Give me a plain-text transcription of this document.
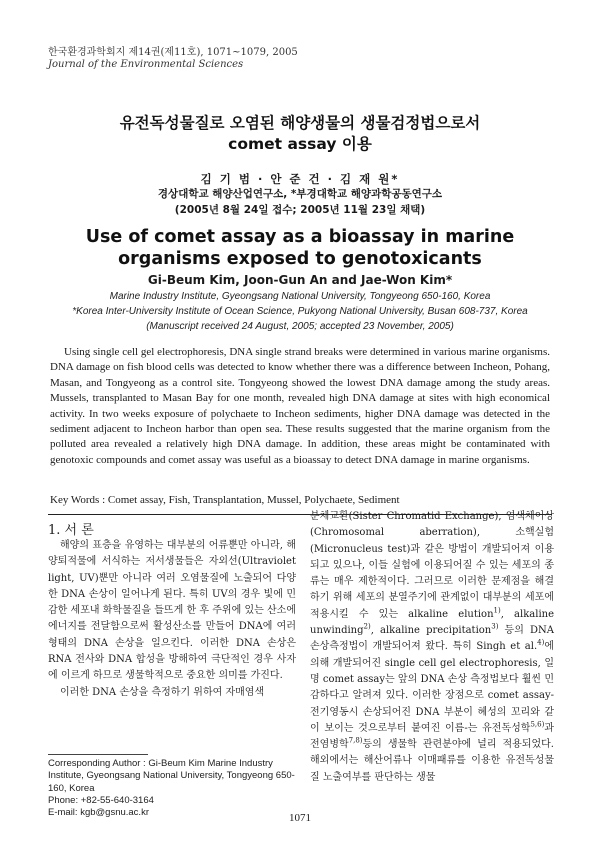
한국환경과학회지 제14권(제11호), 1071~1079, 2005
Journal of the Environmental Sciences
유전독성물질로 오염된 해양생물의 생물검정법으로서
comet assay 이용
김 기 범 · 안 준 건 · 김 재 원*
경상대학교 해양산업연구소, *부경대학교 해양과학공동연구소
(2005년 8월 24일 접수; 2005년 11월 23일 채택)
Use of comet assay as a bioassay in marine
organisms exposed to genotoxicants
Gi-Beum Kim, Joon-Gun An and Jae-Won Kim*
Marine Industry Institute, Gyeongsang National University, Tongyeong 650-160, Korea
*Korea Inter-University Institute of Ocean Science, Pukyong National University, Busan 608-737, Korea
(Manuscript received 24 August, 2005; accepted 23 November, 2005)
Using single cell gel electrophoresis, DNA single strand breaks were determined in various marine organisms. DNA damage on fish blood cells was detected to know whether there was a difference between Incheon, Pohang, Masan, and Tongyeong as a control site. Tongyeong showed the lowest DNA damage among the study areas. Mussels, transplanted to Masan Bay for one month, revealed high DNA damage at sites with high economical activity. In two weeks exposure of polychaete to Incheon sediments, higher DNA damage was detected in the sediment adjacent to Incheon harbor than open sea. These results suggested that the marine organism from the polluted area revealed a relatively high DNA damage. In addition, these areas might be contaminated with genotoxic compounds and comet assay was useful as a bioassay to detect DNA damage in marine organisms.
Key Words : Comet assay, Fish, Transplantation, Mussel, Polychaete, Sediment
1. 서 론

해양의 표층을 유영하는 대부분의 어류뿐만 아니라, 해양퇴적물에 서식하는 저서생물들은 자외선(Ultraviolet light, UV)뿐만 아니라 여러 오염물질에 노출되어 다양한 DNA 손상이 일어나게 된다. 특히 UV의 경우 빛에 민감한 세포내 화학물질을 들뜨게 한 후 주위에 있는 산소에 에너지를 전달함으로써 활성산소를 만들어 DNA에 여러 형태의 DNA 손상을 일으킨다. 이러한 DNA 손상은 RNA 전사와 DNA 합성을 방해하여 극단적인 경우 사자에 이르게 하므로 생물학적으로 중요한 의미를 가진다.

이러한 DNA 손상을 측정하기 위하여 자매염색

분체교환(Sister Chromatid Exchange), 염색체이상(Chromosomal aberration), 소핵실험(Micronucleus test)과 같은 방법이 개발되어져 이용되고 있으나, 이들 실험에 이용되어질 수 있는 세포의 종류는 매우 제한적이다. 그러므로 이러한 문제점을 해결하기 위해 세포의 분열주기에 관계없이 대부분의 세포에 적용시킬 수 있는 alkaline elution$^{1)}$, alkaline unwinding$^{2)}$, alkaline precipitation$^{3)}$ 등의 DNA 손상측정법이 개발되어져 왔다. 특히 Singh et al.$^{4)}$에 의해 개발되어진 single cell gel electrophoresis, 일명 comet assay는 앞의 DNA 손상 측정법보다 훨씬 민감하다고 알려져 있다. 이러한 장점으로 comet assay-전기영동시 손상되어진 DNA 부분이 혜성의 꼬리와 같이 보이는 것으로부터 붙여진 이름-는 유전독성학$^{5,6)}$과 전염병학$^{7,8)}$등의 생물학 관련분야에 널리 적용되었다. 해외에서는 해산어류나 이매패류를 이용한 유전독성물질 노출여부를 판단하는 생물
Corresponding Author : Gi-Beum Kim Marine Industry Institute, Gyeongsang National University, Tongyeong 650-160, Korea
Phone: +82-55-640-3164
E-mail: kgb@gsnu.ac.kr	1071
